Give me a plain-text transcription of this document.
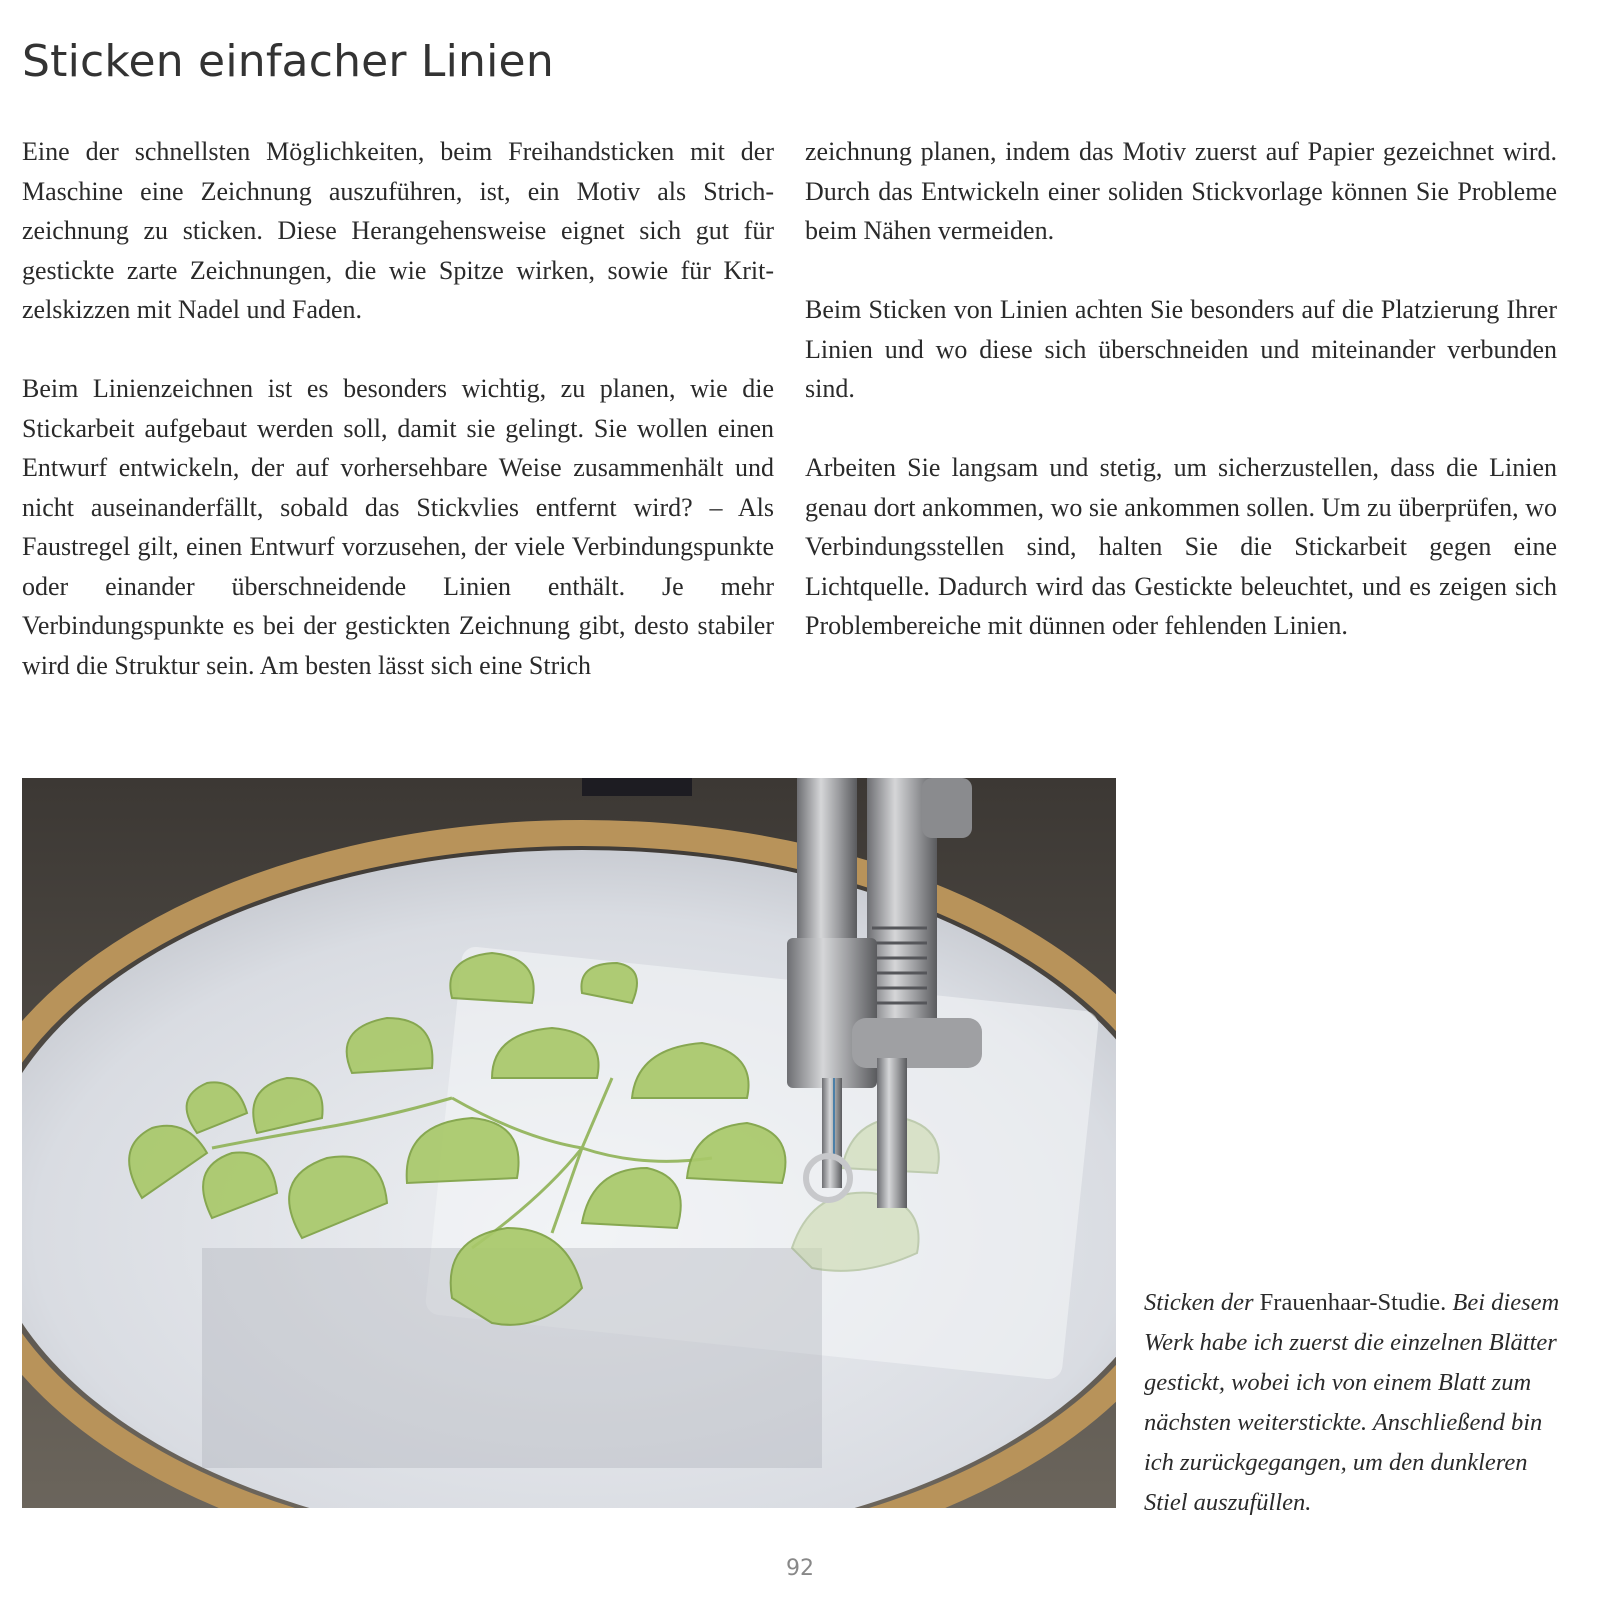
Sticken einfacher Linien

Eine der schnellsten Möglichkeiten, beim Freihandsticken mit der Maschine eine Zeichnung auszuführen, ist, ein Motiv als Strichzeichnung zu sticken. Diese Herangehensweise eignet sich gut für gestickte zarte Zeichnungen, die wie Spitze wirken, sowie für Kritzelskizzen mit Nadel und Faden.

Beim Linienzeichnen ist es besonders wichtig, zu planen, wie die Stickarbeit aufgebaut werden soll, damit sie gelingt. Sie wollen einen Entwurf entwickeln, der auf vorhersehbare Weise zusammenhält und nicht auseinanderfällt, sobald das Stickvlies entfernt wird? – Als Faustregel gilt, einen Entwurf vorzusehen, der viele Verbindungspunkte oder einander überschneidende Linien enthält. Je mehr Verbindungspunkte es bei der gestickten Zeichnung gibt, desto stabiler wird die Struktur sein. Am besten lässt sich eine Strich

zeichnung planen, indem das Motiv zuerst auf Papier gezeichnet wird. Durch das Entwickeln einer soliden Stickvorlage können Sie Probleme beim Nähen vermeiden.

Beim Sticken von Linien achten Sie besonders auf die Platzierung Ihrer Linien und wo diese sich überschneiden und miteinander verbunden sind.

Arbeiten Sie langsam und stetig, um sicherzustellen, dass die Linien genau dort ankommen, wo sie ankommen sollen. Um zu überprüfen, wo Verbindungsstellen sind, halten Sie die Stickarbeit gegen eine Lichtquelle. Dadurch wird das Gestickte beleuchtet, und es zeigen sich Problembereiche mit dünnen oder fehlenden Linien.

Sticken der Frauenhaar-Studie. Bei diesem Werk habe ich zuerst die einzelnen Blätter gestickt, wobei ich von einem Blatt zum nächsten weiterstickte. Anschließend bin ich zurückgegangen, um den dunkleren Stiel auszufüllen.
92
